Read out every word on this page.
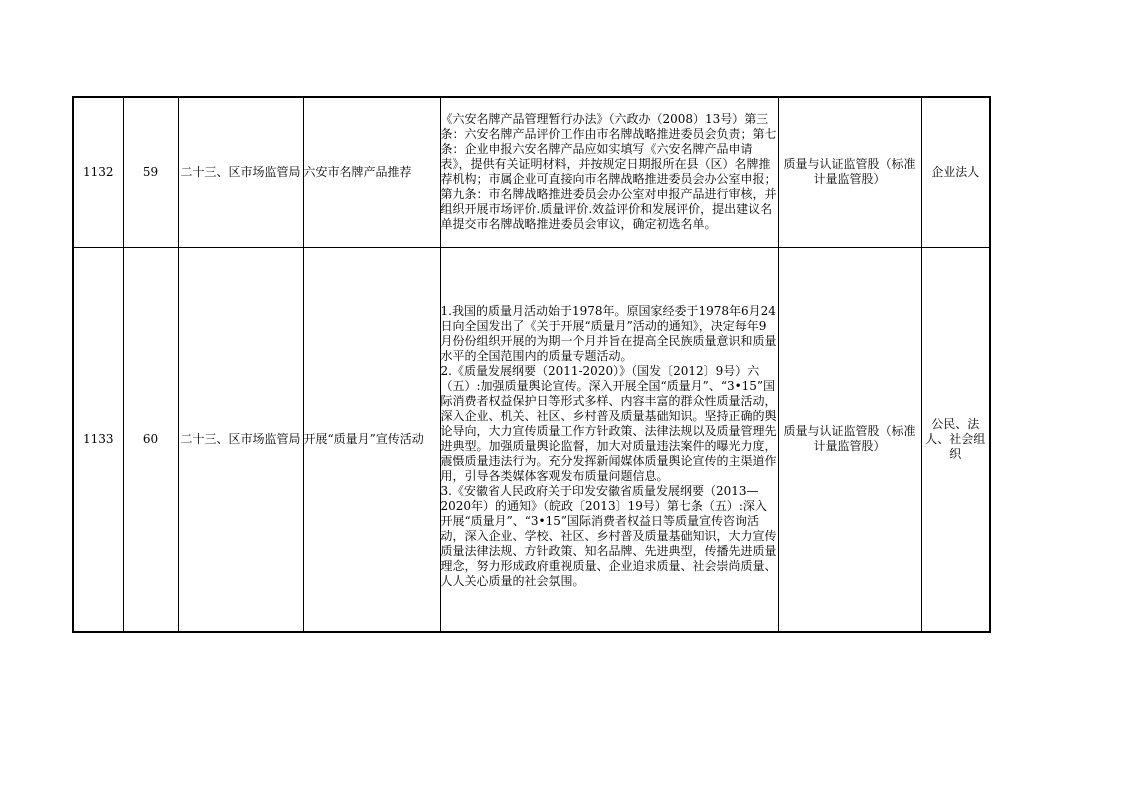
1132	59	二十三、区市场监管局	六安市名牌产品推荐	《六安名牌产品管理暂行办法》（六政办（2008）13号）第三条：六安名牌产品评价工作由市名牌战略推进委员会负责；第七条：企业申报六安名牌产品应如实填写《六安名牌产品申请表》，提供有关证明材料，并按规定日期报所在县（区）名牌推荐机构；市属企业可直接向市名牌战略推进委员会办公室申报；第九条：市名牌战略推进委员会办公室对申报产品进行审核，并组织开展市场评价.质量评价.效益评价和发展评价，提出建议名单提交市名牌战略推进委员会审议，确定初选名单。	质量与认证监管股（标准计量监管股）	企业法人
1133	60	二十三、区市场监管局	开展“质量月”宣传活动	1.我国的质量月活动始于1978年。原国家经委于1978年6月24日向全国发出了《关于开展“质量月”活动的通知》，决定每年9月份份组织开展的为期一个月并旨在提高全民族质量意识和质量水平的全国范围内的质量专题活动。
2.《质量发展纲要（2011-2020）》（国发〔2012〕9号）六（五）:加强质量舆论宣传。深入开展全国“质量月”、“3•15”国际消费者权益保护日等形式多样、内容丰富的群众性质量活动，深入企业、机关、社区、乡村普及质量基础知识。坚持正确的舆论导向，大力宣传质量工作方针政策、法律法规以及质量管理先进典型。加强质量舆论监督，加大对质量违法案件的曝光力度，震慑质量违法行为。充分发挥新闻媒体质量舆论宣传的主渠道作用，引导各类媒体客观发布质量问题信息。
3.《安徽省人民政府关于印发安徽省质量发展纲要（2013—2020年）的通知》（皖政〔2013〕19号）第七条（五）:深入开展“质量月”、“3•15”国际消费者权益日等质量宣传咨询活动，深入企业、学校、社区、乡村普及质量基础知识，大力宣传质量法律法规、方针政策、知名品牌、先进典型，传播先进质量理念，努力形成政府重视质量、企业追求质量、社会崇尚质量、人人关心质量的社会氛围。	质量与认证监管股（标准计量监管股）	公民、法人、社会组织
